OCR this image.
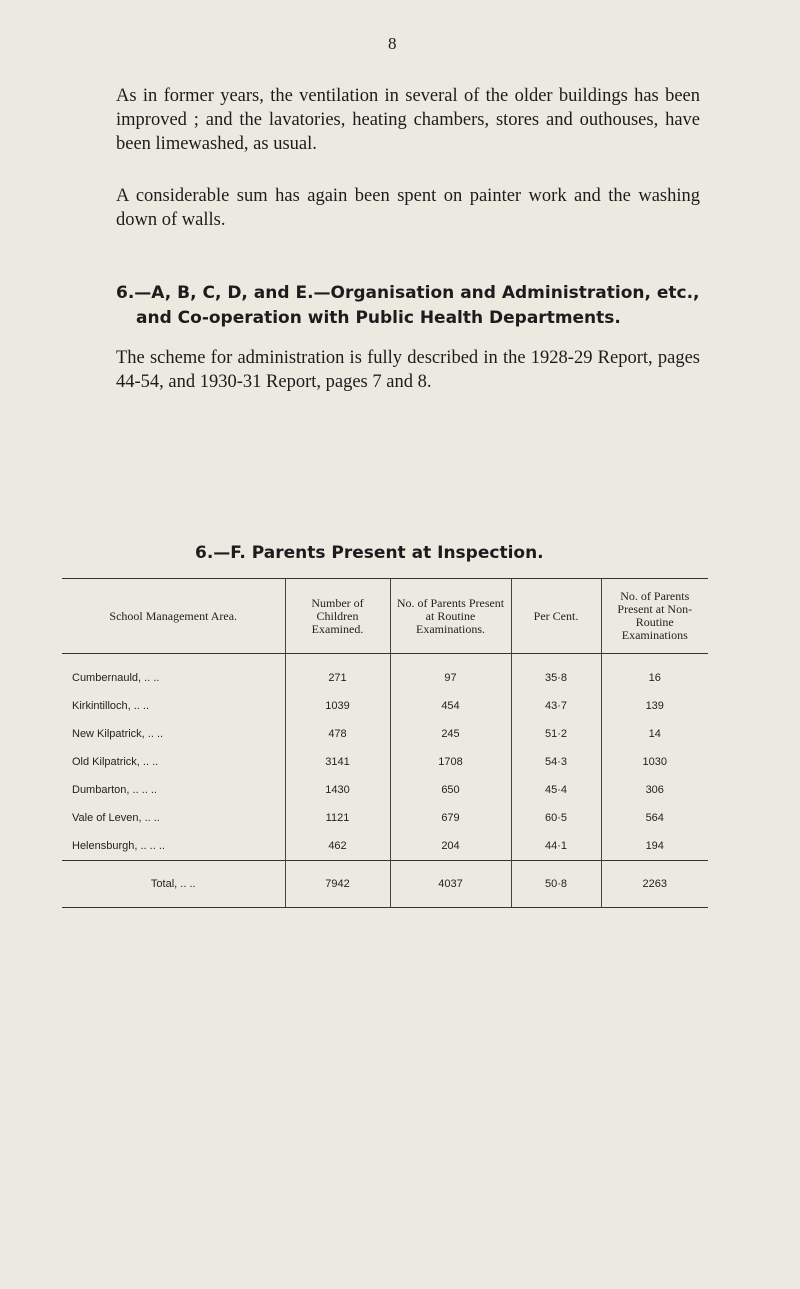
8

As in former years, the ventilation in several of the older buildings has been improved ; and the lavatories, heating chambers, stores and outhouses, have been limewashed, as usual.

A considerable sum has again been spent on painter work and the washing down of walls.

6.—A, B, C, D, and E.—Organisation and Administration, etc.,
and Co-operation with Public Health Departments.

The scheme for administration is fully described in the 1928-29 Report, pages 44-54, and 1930-31 Report, pages 7 and 8.

6.—F. Parents Present at Inspection.
School Management Area.	Number of Children Examined.	No. of Parents Present at Routine Examinations.	Per Cent.	No. of Parents Present at Non-Routine Examinations
Cumbernauld, .. ..	271	97	35·8	16
Kirkintilloch, .. ..	1039	454	43·7	139
New Kilpatrick, .. ..	478	245	51·2	14
Old Kilpatrick, .. ..	3141	1708	54·3	1030
Dumbarton, .. .. ..	1430	650	45·4	306
Vale of Leven, .. ..	1121	679	60·5	564
Helensburgh, .. .. ..	462	204	44·1	194
Total, .. ..	7942	4037	50·8	2263
